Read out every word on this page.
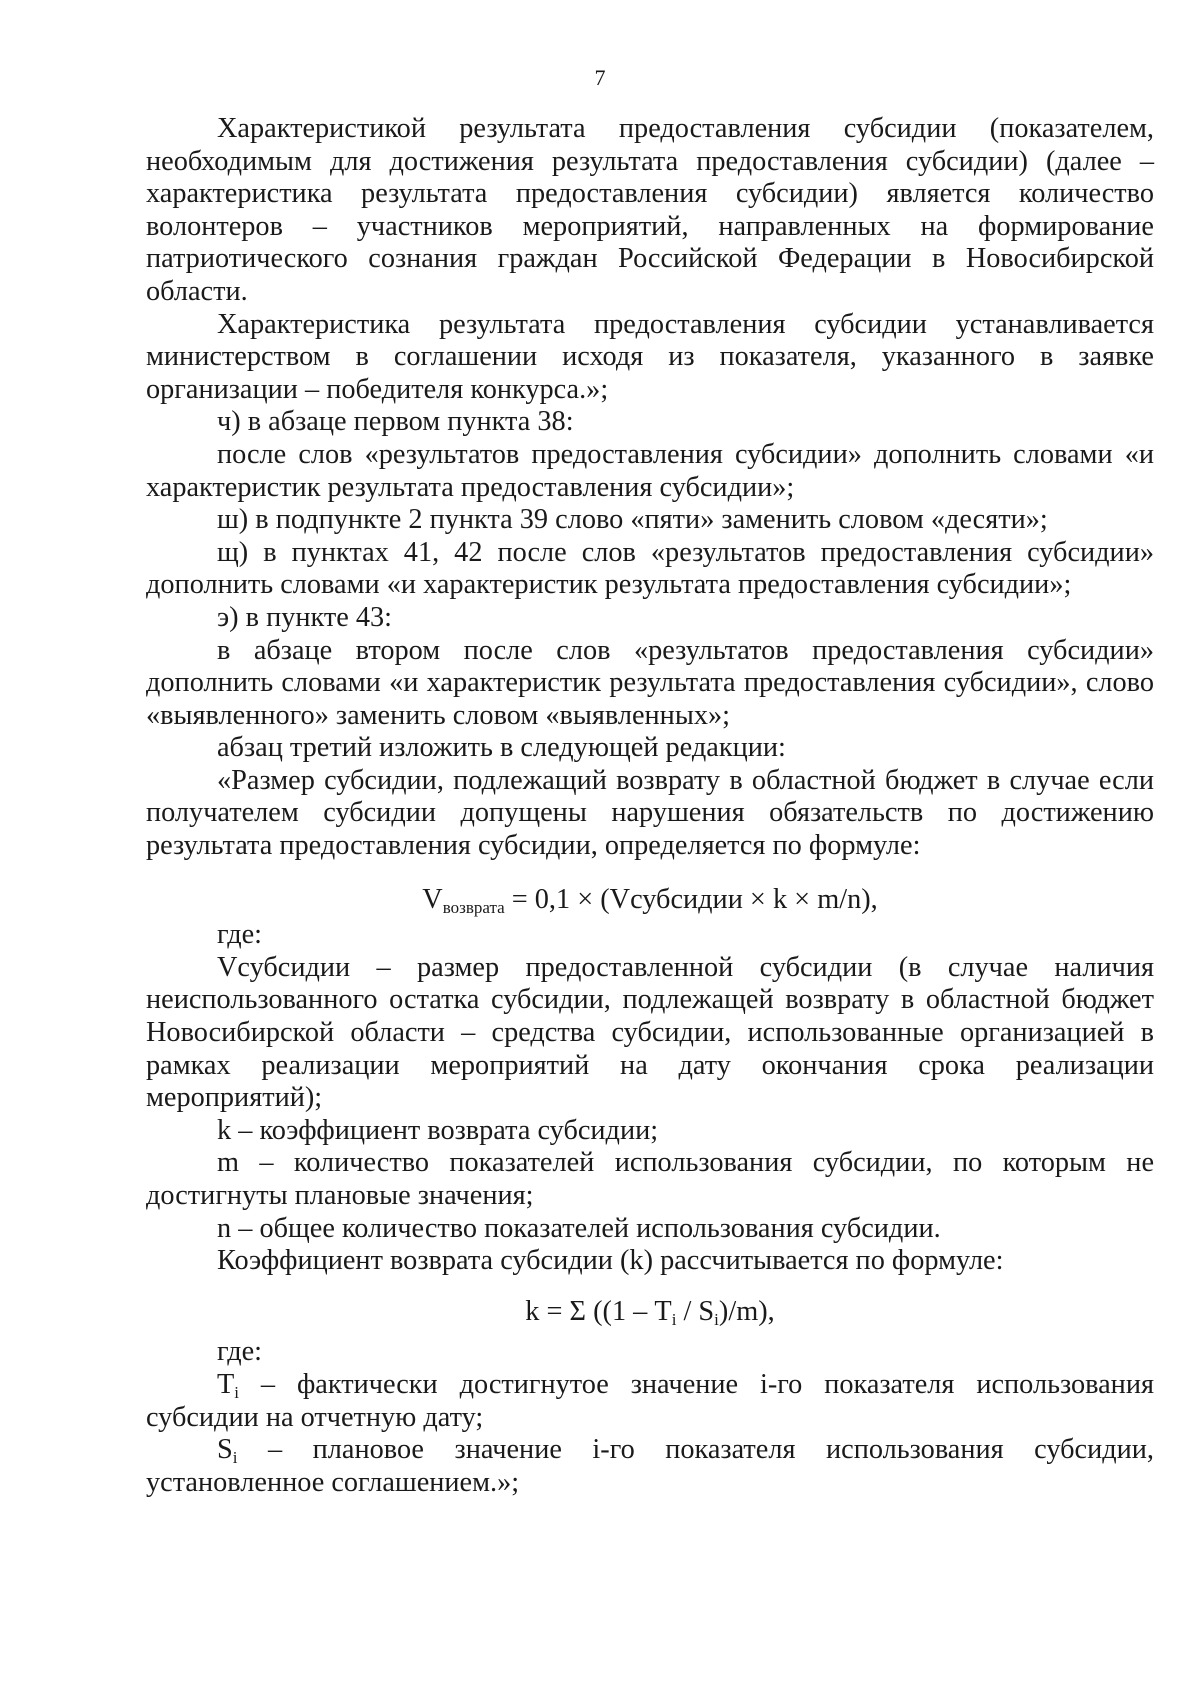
7

Характеристикой результата предоставления субсидии (показателем, необходимым для достижения результата предоставления субсидии) (далее – характеристика результата предоставления субсидии) является количество волонтеров – участников мероприятий, направленных на формирование патриотического сознания граждан Российской Федерации в Новосибирской области.

Характеристика результата предоставления субсидии устанавливается министерством в соглашении исходя из показателя, указанного в заявке организации – победителя конкурса.»;

ч) в абзаце первом пункта 38:

после слов «результатов предоставления субсидии» дополнить словами «и характеристик результата предоставления субсидии»;

ш) в подпункте 2 пункта 39 слово «пяти» заменить словом «десяти»;

щ) в пунктах 41, 42 после слов «результатов предоставления субсидии» дополнить словами «и характеристик результата предоставления субсидии»;

э) в пункте 43:

в абзаце втором после слов «результатов предоставления субсидии» дополнить словами «и характеристик результата предоставления субсидии», слово «выявленного» заменить словом «выявленных»;

абзац третий изложить в следующей редакции:

«Размер субсидии, подлежащий возврату в областной бюджет в случае если получателем субсидии допущены нарушения обязательств по достижению результата предоставления субсидии, определяется по формуле:

$V_{возврата} = 0,1$ × (Vсубсидии × k × m/n),

где:

Vсубсидии – размер предоставленной субсидии (в случае наличия неиспользованного остатка субсидии, подлежащей возврату в областной бюджет Новосибирской области – средства субсидии, использованные организацией в рамках реализации мероприятий на дату окончания срока реализации мероприятий);

k – коэффициент возврата субсидии;

m – количество показателей использования субсидии, по которым не достигнуты плановые значения;

n – общее количество показателей использования субсидии.

Коэффициент возврата субсидии (k) рассчитывается по формуле:

k = Σ $((1 - T_i / S_i)/m)$,

где:

$T_i$ – фактически достигнутое значение i-го показателя использования субсидии на отчетную дату;

$S_i$ – плановое значение i-го показателя использования субсидии, установленное соглашением.»;
